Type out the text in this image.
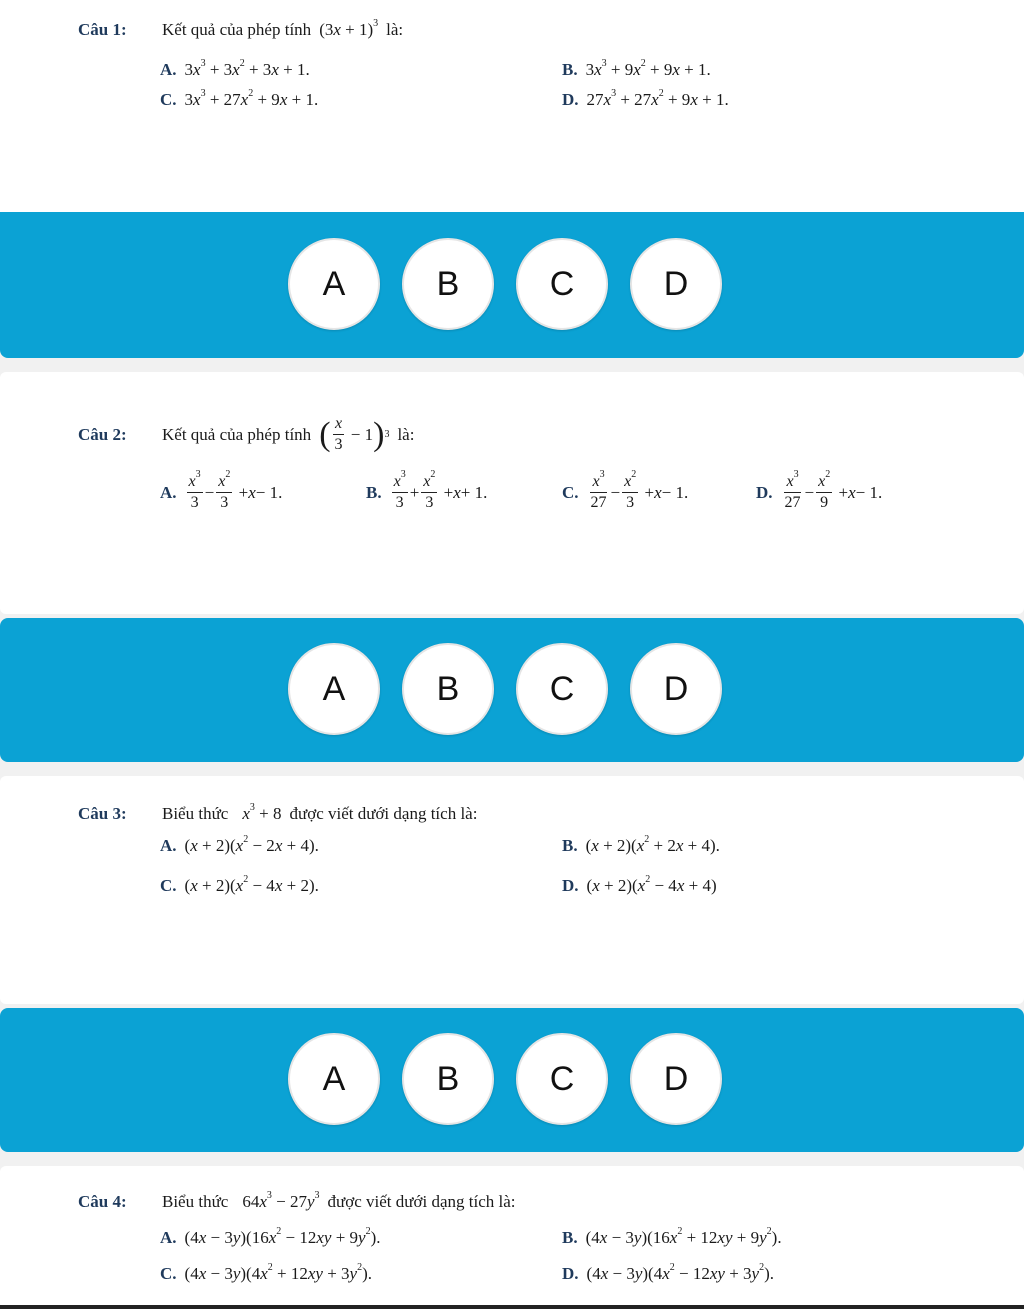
Câu 1:	Kết quả của phép tính $(3x + 1)^3$ là:
A. $3x^3 + 3x^2 + 3x + 1$.	B. $3x^3 + 9x^2 + 9x + 1$.
C. $3x^3 + 27x^2 + 9x + 1$.	D. $27x^3 + 27x^2 + 9x + 1$.
A	B	C	D
Câu 2:	Kết quả của phép tính ( $\frac{x}{3} - 1$ ) 3 là:
A. $\frac{x^3}{3} - \frac{x^2}{3} + x - 1$.	B. $\frac{x^3}{3} + \frac{x^2}{3} + x + 1$.	C. $\frac{x^3}{27} - \frac{x^2}{3} + x - 1$.	D. $\frac{x^3}{27} - \frac{x^2}{9} + x - 1$.
A	B	C	D
Câu 3:	Biểu thức $x^3 + 8$ được viết dưới dạng tích là:
A. $(x + 2)(x^2 - 2x + 4)$.	B. $(x + 2)(x^2 + 2x + 4)$.
C. $(x + 2)(x^2 - 4x + 2)$.	D. $(x + 2)(x^2 - 4x + 4)$
A	B	C	D
Câu 4:	Biểu thức $64x^3 - 27y^3$ được viết dưới dạng tích là:
A. $(4x - 3y)(16x^2 - 12xy + 9y^2)$.	B. $(4x - 3y)(16x^2 + 12xy + 9y^2)$.
C. $(4x - 3y)(4x^2 + 12xy + 3y^2)$.	D. $(4x - 3y)(4x^2 - 12xy + 3y^2)$.
